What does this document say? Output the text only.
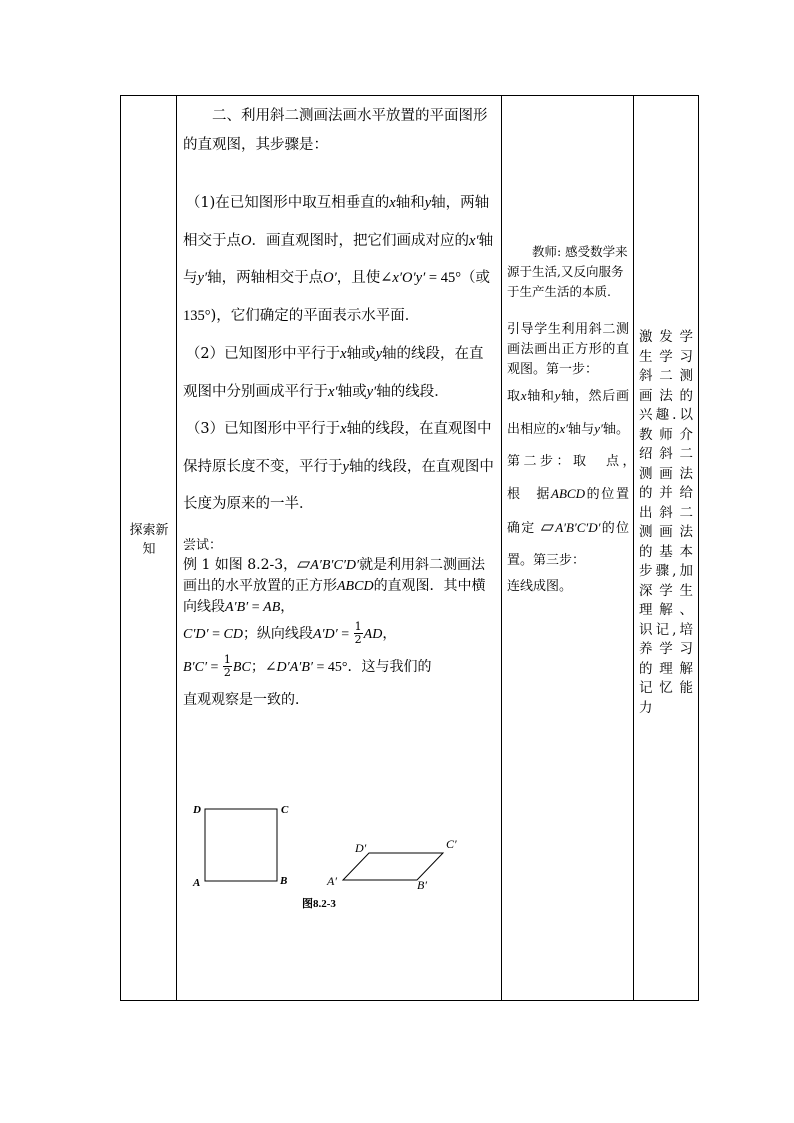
探索新知

二、利用斜二测画法画水平放置的平面图形的直观图，其步骤是：

（1)在已知图形中取互相垂直的x轴和y轴，两轴相交于点O．画直观图时，把它们画成对应的x′轴与y′轴，两轴相交于点O′，且使∠x′O′y′ = 45°（或135°)，它们确定的平面表示水平面．

（2）已知图形中平行于x轴或y轴的线段，在直观图中分别画成平行于x′轴或y′轴的线段．

（3）已知图形中平行于x轴的线段，在直观图中保持原长度不变，平行于y轴的线段，在直观图中长度为原来的一半．

尝试：

例 1 如图 8.2-3，▱A′B′C′D′就是利用斜二测画法画出的水平放置的正方形ABCD的直观图．其中横向线段A′B′ = AB，

C′D′ = CD；纵向线段$A'D' = \frac{1}{2}$ AD，
$B'C' = \frac{1}{2}$ BC；∠D′A′B′ = 45°．这与我们的
直观观察是一致的．

D	C
A	B
D′	C′
A′	B′
图8.2-3

教师: 感受数学来源于生活,又反向服务于生产生活的本质.

引导学生利用斜二测画法画出正方形的直观图。第一步：
取x轴和y轴，然后画出相应的x′轴与y′轴。第二步：取　点，　根　据ABCD的位置确定 ▱A′B′C′D′的位置。第三步：
连线成图。

激发学生学习斜二测画法的兴趣.以教师介绍斜二测画法的并给出斜二测画法的基本步骤,加深学生理解、识记,培养学习的理解记忆能力
